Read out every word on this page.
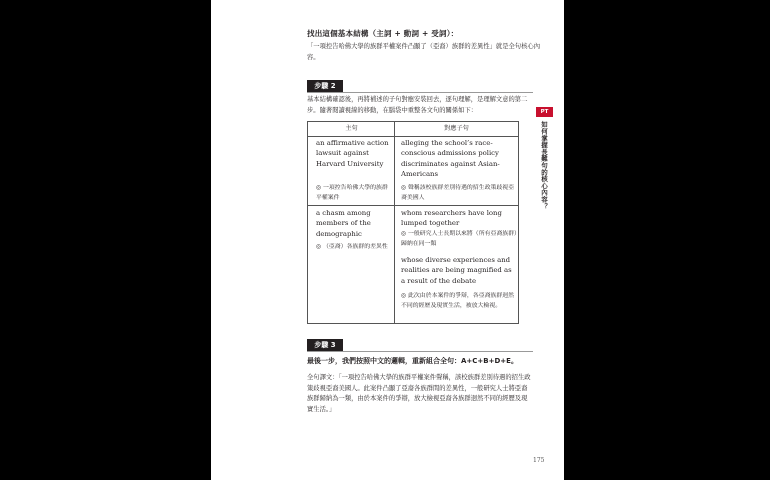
找出這個基本結構（主詞 + 動詞 + 受詞）：
「一項控告哈佛大學的族群平權案件凸顯了（亞裔）族群的差異性」就是全句核心內容。
步驟 2
基本結構確認後，再將補述的子句對應安裝回去，逐句理解，是理解文意的第二步。隨著閱讀視線的移動，在腦袋中重整各文句的關係如下：
主句	對應子句
an affirmative action lawsuit against Harvard University
◎ 一項控告哈佛大學的族群平權案件
alleging the school’s race-conscious admissions policy discriminates against Asian-Americans
◎ 聲稱該校族群差別待遇的招生政策歧視亞裔美國人
a chasm among members of the demographic
◎ （亞裔）各族群的差異性
whom researchers have long lumped together
◎ 一般研究人士長期以來將（所有亞裔族群）歸納在同一類
whose diverse experiences and realities are being magnified as a result of the debate
◎ 此次由於本案件的爭辯，各亞裔族群迥然不同的經歷及現實生活，被放大檢視。
步驟 3
最後一步，我們按照中文的邏輯，重新組合全句：A+C+B+D+E。
全句譯文：「一項控告哈佛大學的族群平權案件聲稱，該校族群差別待遇的招生政策歧視亞裔美國人。此案件凸顯了亞裔各族群間的差異性，一般研究人士將亞裔族群歸納為一類，由於本案件的爭辯，放大檢視亞裔各族群迥然不同的經歷及現實生活。」
175
PT
如何掌握長難句的核心內容？
